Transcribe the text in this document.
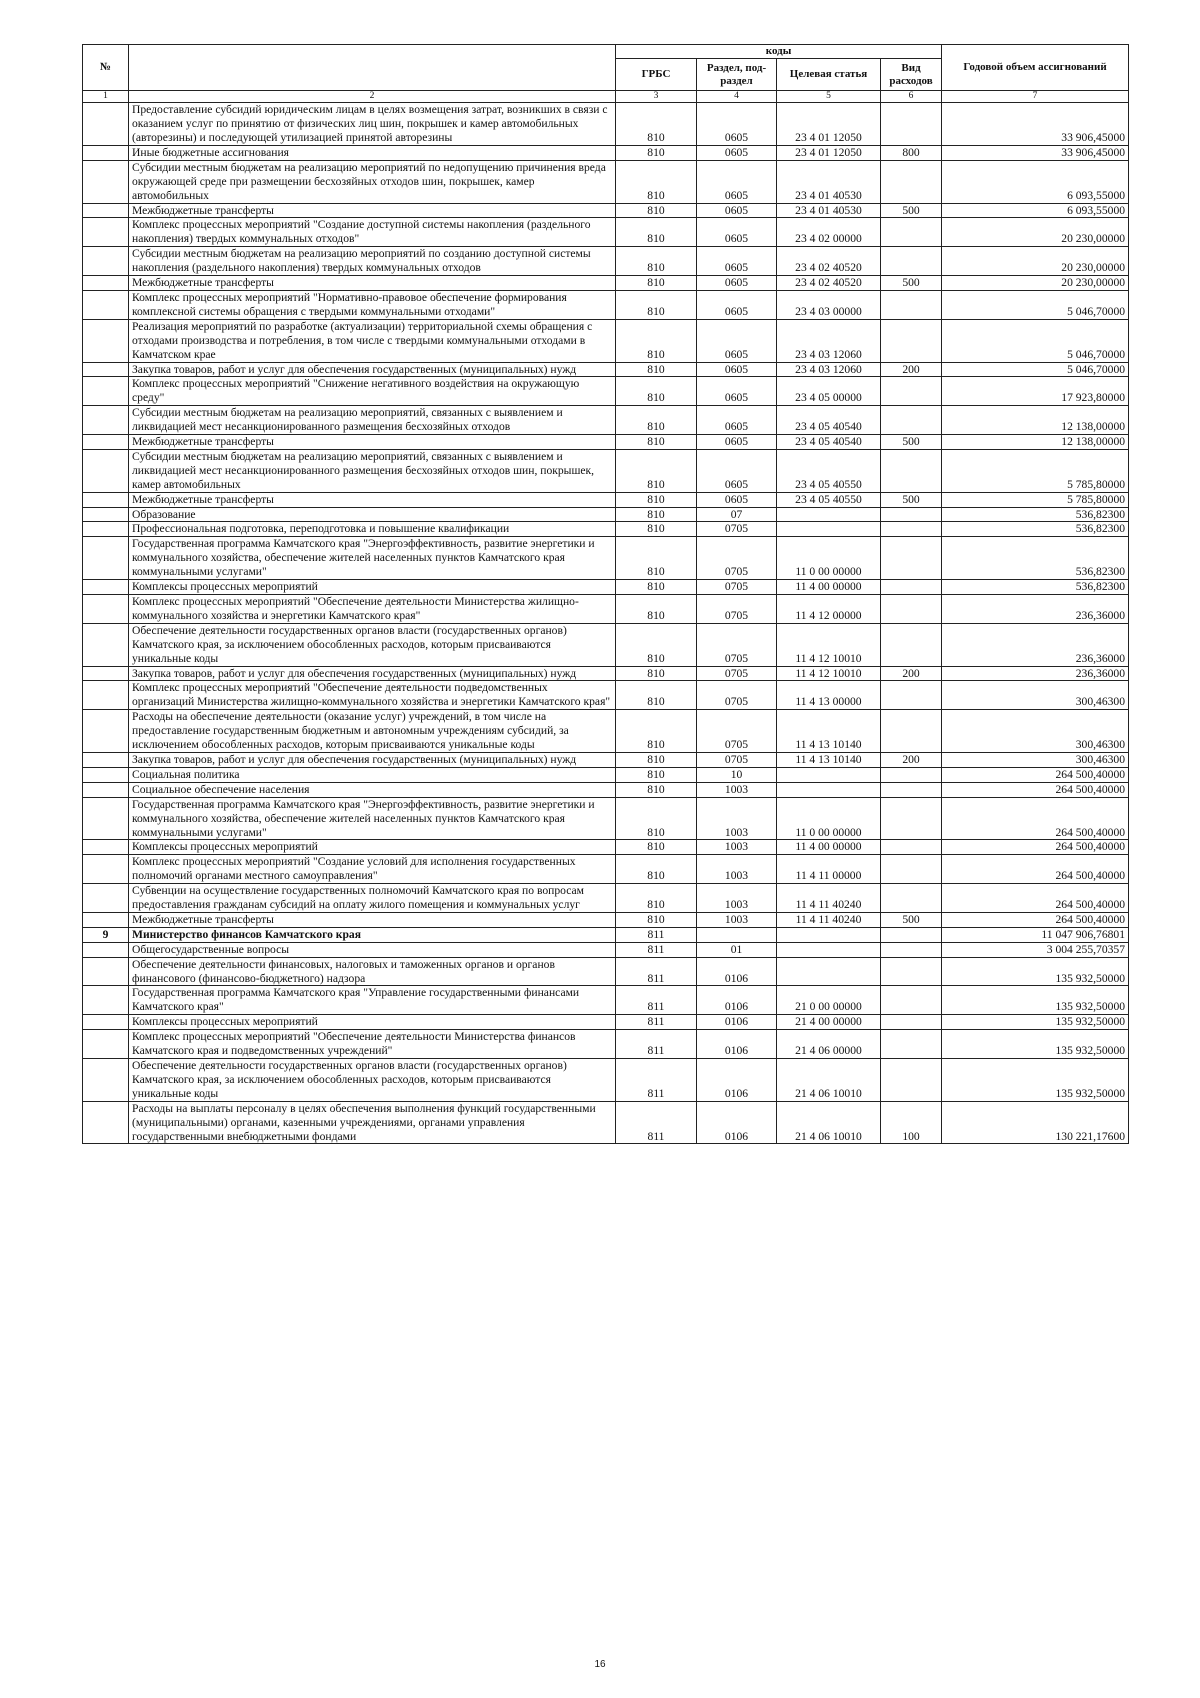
№		коды				Годовой объем ассигнований
		ГРБС	Раздел, под-раздел	Целевая статья	Вид расходов	
1	2	3	4	5	6	7
	Предоставление субсидий юридическим лицам в целях возмещения затрат, возникших в связи с оказанием услуг по принятию от физических лиц шин, покрышек и камер автомобильных (авторезины) и последующей утилизацией принятой авторезины	810	0605	23 4 01 12050		33 906,45000
	Иные бюджетные ассигнования	810	0605	23 4 01 12050	800	33 906,45000
	Субсидии местным бюджетам на реализацию мероприятий по недопущению причинения вреда окружающей среде при размещении бесхозяйных отходов шин, покрышек, камер автомобильных	810	0605	23 4 01 40530		6 093,55000
	Межбюджетные трансферты	810	0605	23 4 01 40530	500	6 093,55000
	Комплекс процессных мероприятий "Создание доступной системы накопления (раздельного накопления) твердых коммунальных отходов"	810	0605	23 4 02 00000		20 230,00000
	Субсидии местным бюджетам на реализацию мероприятий по созданию доступной системы накопления (раздельного накопления) твердых коммунальных отходов	810	0605	23 4 02 40520		20 230,00000
	Межбюджетные трансферты	810	0605	23 4 02 40520	500	20 230,00000
	Комплекс процессных мероприятий "Нормативно-правовое обеспечение формирования комплексной системы обращения с твердыми коммунальными отходами"	810	0605	23 4 03 00000		5 046,70000
	Реализация мероприятий по разработке (актуализации) территориальной схемы обращения с отходами производства и потребления, в том числе с твердыми коммунальными отходами в Камчатском крае	810	0605	23 4 03 12060		5 046,70000
	Закупка товаров, работ и услуг для обеспечения государственных (муниципальных) нужд	810	0605	23 4 03 12060	200	5 046,70000
	Комплекс процессных мероприятий "Снижение негативного воздействия на окружающую среду"	810	0605	23 4 05 00000		17 923,80000
	Субсидии местным бюджетам на реализацию мероприятий, связанных с выявлением и ликвидацией мест несанкционированного размещения бесхозяйных отходов	810	0605	23 4 05 40540		12 138,00000
	Межбюджетные трансферты	810	0605	23 4 05 40540	500	12 138,00000
	Субсидии местным бюджетам на реализацию мероприятий, связанных с выявлением и ликвидацией мест несанкционированного размещения бесхозяйных отходов шин, покрышек, камер автомобильных	810	0605	23 4 05 40550		5 785,80000
	Межбюджетные трансферты	810	0605	23 4 05 40550	500	5 785,80000
	Образование	810	07			536,82300
	Профессиональная подготовка, переподготовка и повышение квалификации	810	0705			536,82300
	Государственная программа Камчатского края "Энергоэффективность, развитие энергетики и коммунального хозяйства, обеспечение жителей населенных пунктов Камчатского края коммунальными услугами"	810	0705	11 0 00 00000		536,82300
	Комплексы процессных мероприятий	810	0705	11 4 00 00000		536,82300
	Комплекс процессных мероприятий "Обеспечение деятельности Министерства жилищно-коммунального хозяйства и энергетики Камчатского края"	810	0705	11 4 12 00000		236,36000
	Обеспечение деятельности государственных органов власти (государственных органов) Камчатского края, за исключением обособленных расходов, которым присваиваются уникальные коды	810	0705	11 4 12 10010		236,36000
	Закупка товаров, работ и услуг для обеспечения государственных (муниципальных) нужд	810	0705	11 4 12 10010	200	236,36000
	Комплекс процессных мероприятий "Обеспечение деятельности подведомственных организаций Министерства жилищно-коммунального хозяйства и энергетики Камчатского края"	810	0705	11 4 13 00000		300,46300
	Расходы на обеспечение деятельности (оказание услуг) учреждений, в том числе на предоставление государственным бюджетным и автономным учреждениям субсидий, за исключением обособленных расходов, которым присваиваются уникальные коды	810	0705	11 4 13 10140		300,46300
	Закупка товаров, работ и услуг для обеспечения государственных (муниципальных) нужд	810	0705	11 4 13 10140	200	300,46300
	Социальная политика	810	10			264 500,40000
	Социальное обеспечение населения	810	1003			264 500,40000
	Государственная программа Камчатского края "Энергоэффективность, развитие энергетики и коммунального хозяйства, обеспечение жителей населенных пунктов Камчатского края коммунальными услугами"	810	1003	11 0 00 00000		264 500,40000
	Комплексы процессных мероприятий	810	1003	11 4 00 00000		264 500,40000
	Комплекс процессных мероприятий "Создание условий для исполнения государственных полномочий органами местного самоуправления"	810	1003	11 4 11 00000		264 500,40000
	Субвенции на осуществление государственных полномочий Камчатского края по вопросам предоставления гражданам субсидий на оплату жилого помещения и коммунальных услуг	810	1003	11 4 11 40240		264 500,40000
	Межбюджетные трансферты	810	1003	11 4 11 40240	500	264 500,40000
9	Министерство финансов Камчатского края	811				11 047 906,76801
	Общегосударственные вопросы	811	01			3 004 255,70357
	Обеспечение деятельности финансовых, налоговых и таможенных органов и органов финансового (финансово-бюджетного) надзора	811	0106			135 932,50000
	Государственная программа Камчатского края "Управление государственными финансами Камчатского края"	811	0106	21 0 00 00000		135 932,50000
	Комплексы процессных мероприятий	811	0106	21 4 00 00000		135 932,50000
	Комплекс процессных мероприятий "Обеспечение деятельности Министерства финансов Камчатского края и подведомственных учреждений"	811	0106	21 4 06 00000		135 932,50000
	Обеспечение деятельности государственных органов власти (государственных органов) Камчатского края, за исключением обособленных расходов, которым присваиваются уникальные коды	811	0106	21 4 06 10010		135 932,50000
	Расходы на выплаты персоналу в целях обеспечения выполнения функций государственными (муниципальными) органами, казенными учреждениями, органами управления государственными внебюджетными фондами	811	0106	21 4 06 10010	100	130 221,17600
16
